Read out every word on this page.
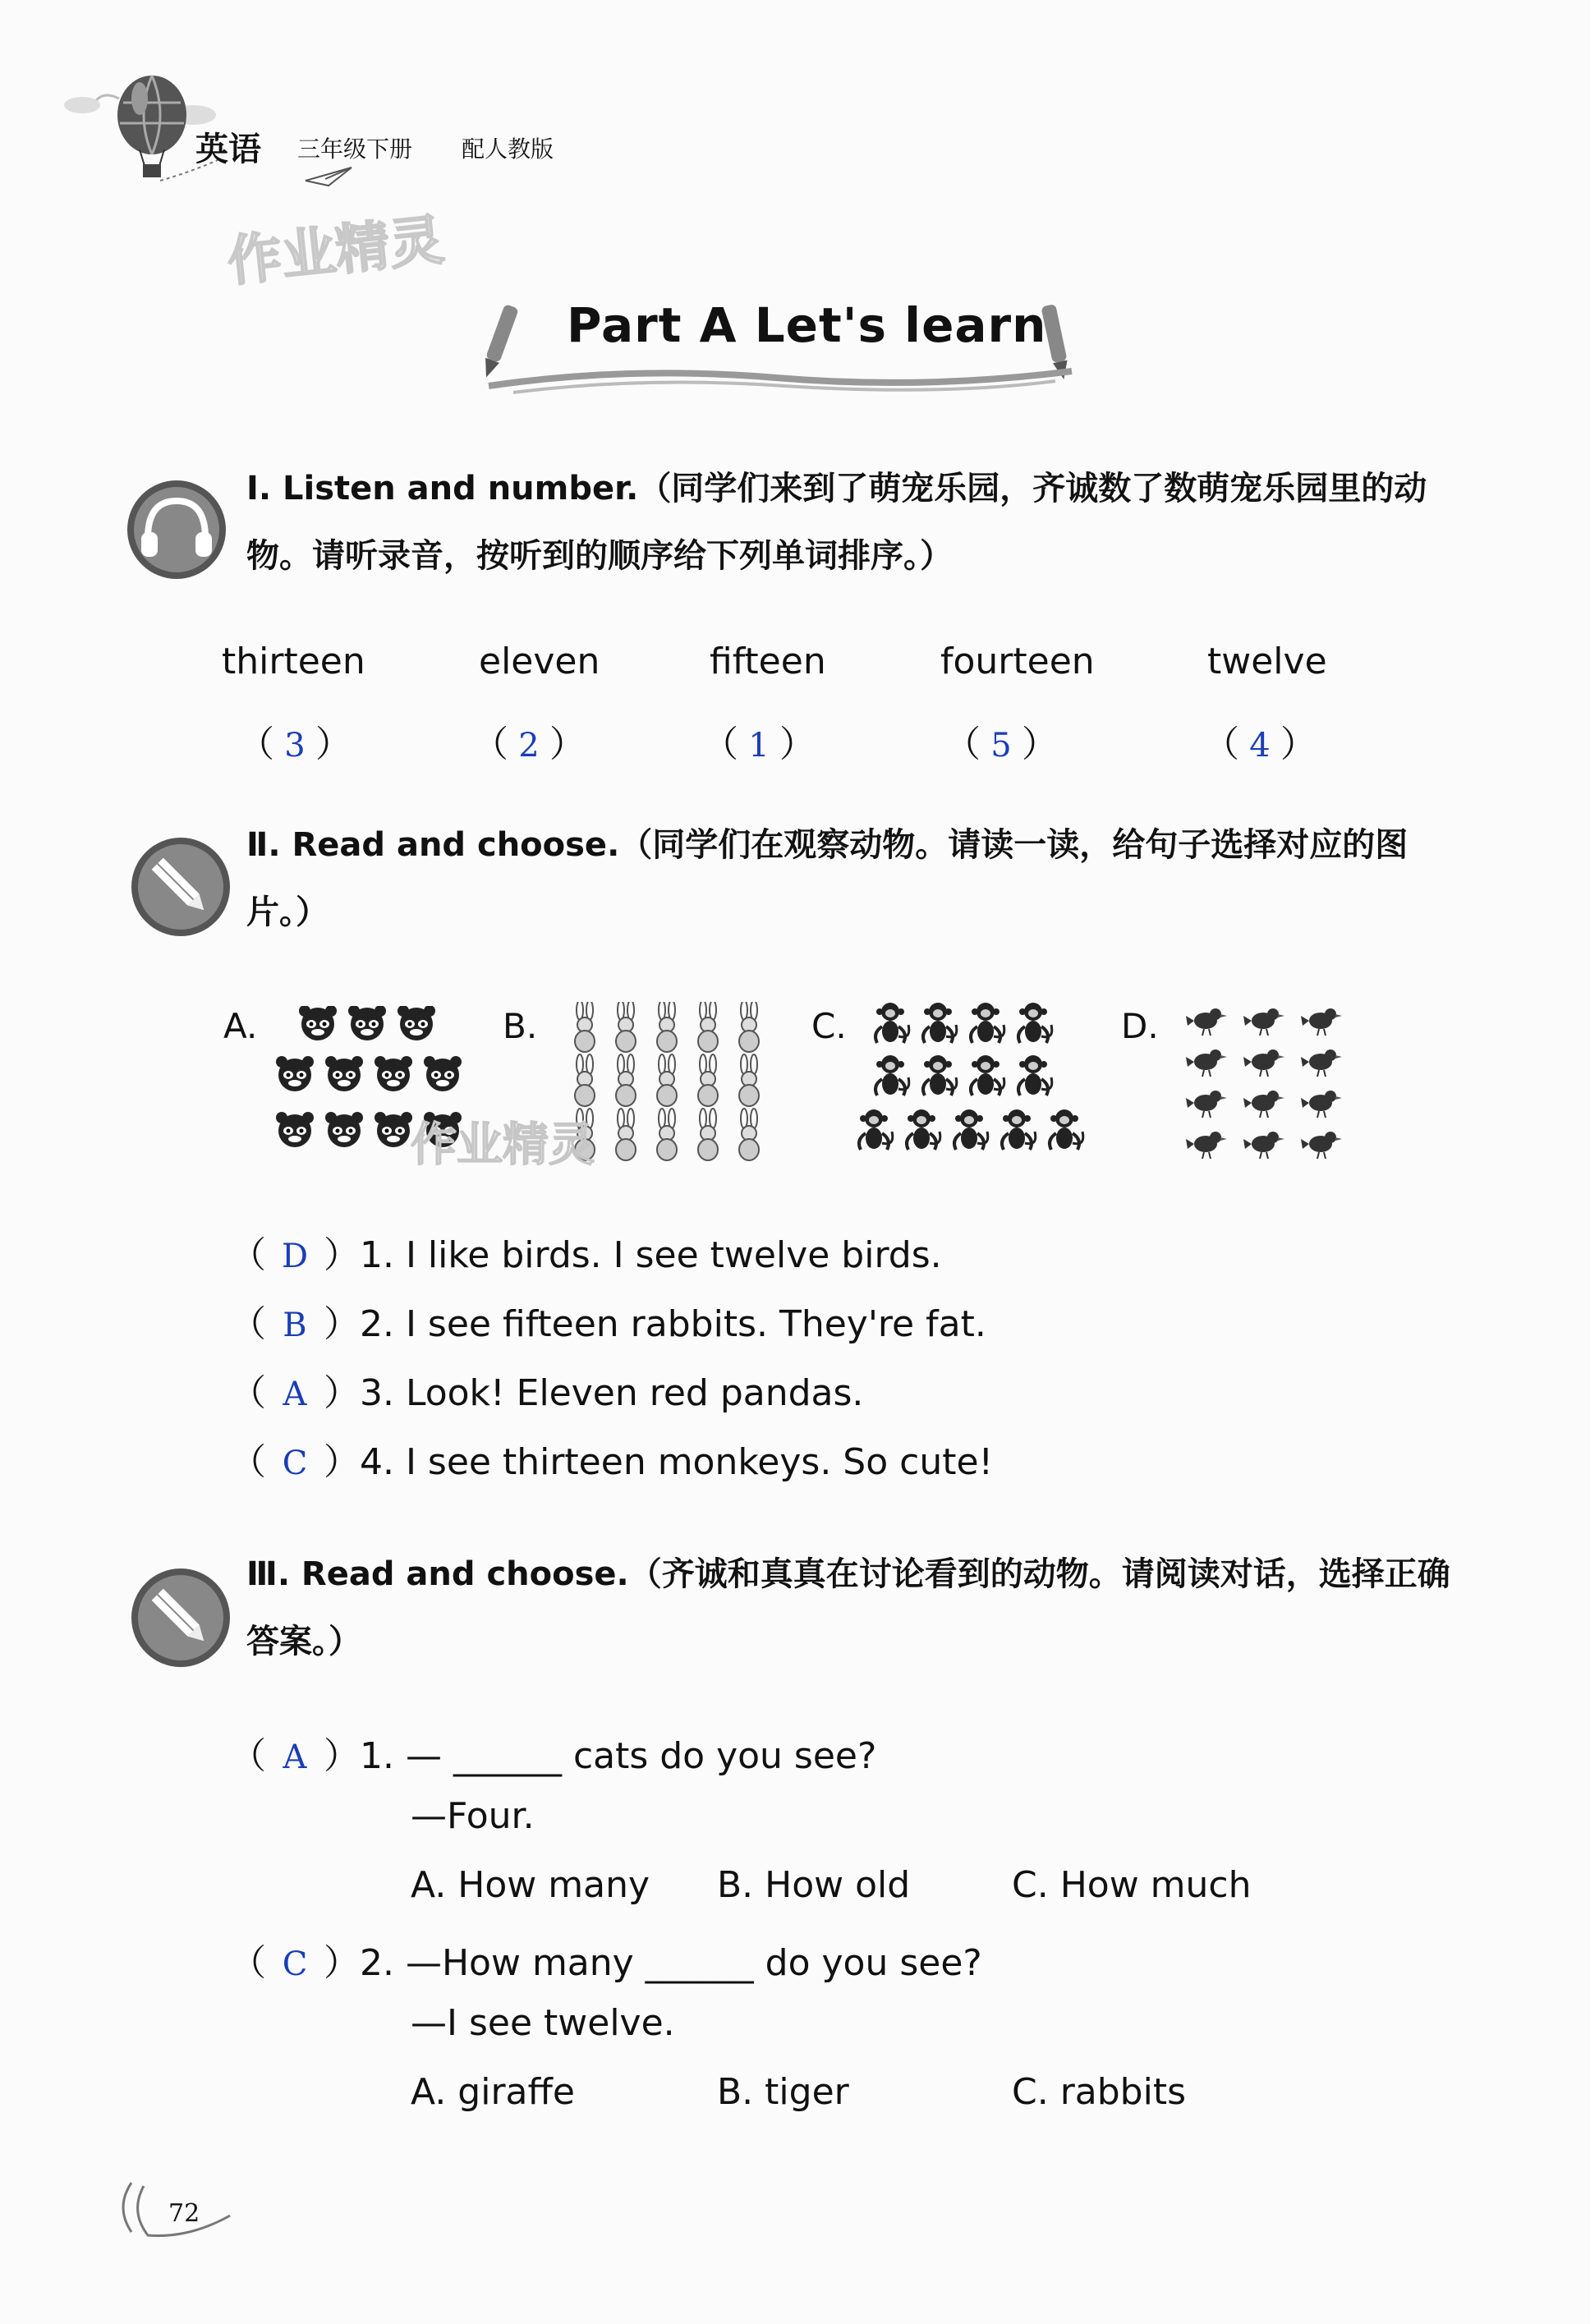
英语 三年级下册 配人教版
作业精灵
Part A Let's learn
Ⅰ. Listen and number.（同学们来到了萌宠乐园，齐诚数了数萌宠乐园里的动物。请听录音，按听到的顺序给下列单词排序。）
thirteen	eleven	fifteen	fourteen	twelve
（ 3 ）	（ 2 ）	（ 1 ）	（ 5 ）	（ 4 ）
Ⅱ. Read and choose.（同学们在观察动物。请读一读，给句子选择对应的图片。）
A.	B.	C.	D.
作业精灵
（ D ）1. I like birds. I see twelve birds.
（ B ）2. I see fifteen rabbits. They're fat.
（ A ）3. Look! Eleven red pandas.
（ C ）4. I see thirteen monkeys. So cute!
Ⅲ. Read and choose.（齐诚和真真在讨论看到的动物。请阅读对话，选择正确答案。）
（ A ）1. — ______ cats do you see?
—Four.
A. How many B. How old	C. How much
（ C ）2. —How many ______ do you see?
—I see twelve.
A. giraffe	B. tiger	C. rabbits
72
